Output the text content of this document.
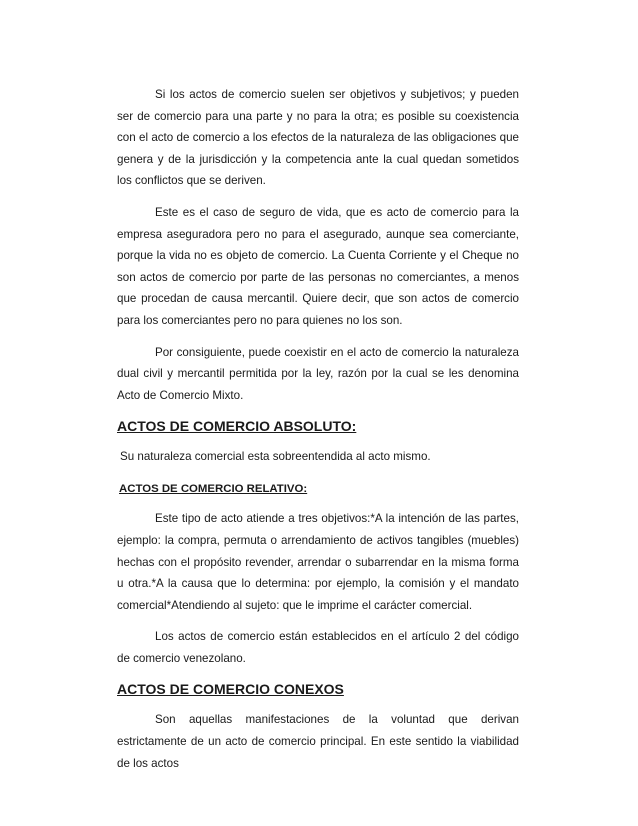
Si los actos de comercio suelen ser objetivos y subjetivos; y pueden ser de comercio para una parte y no para la otra; es posible su coexistencia con el acto de comercio a los efectos de la naturaleza de las obligaciones que genera y de la jurisdicción y la competencia ante la cual quedan sometidos los conflictos que se deriven.

Este es el caso de seguro de vida, que es acto de comercio para la empresa aseguradora pero no para el asegurado, aunque sea comerciante, porque la vida no es objeto de comercio. La Cuenta Corriente y el Cheque no son actos de comercio por parte de las personas no comerciantes, a menos que procedan de causa mercantil. Quiere decir, que son actos de comercio para los comerciantes pero no para quienes no los son.

Por consiguiente, puede coexistir en el acto de comercio la naturaleza dual civil y mercantil permitida por la ley, razón por la cual se les denomina Acto de Comercio Mixto.

ACTOS DE COMERCIO ABSOLUTO:

Su naturaleza comercial esta sobreentendida al acto mismo.

ACTOS DE COMERCIO RELATIVO:

Este tipo de acto atiende a tres objetivos:*A la intención de las partes, ejemplo: la compra, permuta o arrendamiento de activos tangibles (muebles) hechas con el propósito revender, arrendar o subarrendar en la misma forma u otra.*A la causa que lo determina: por ejemplo, la comisión y el mandato comercial*Atendiendo al sujeto: que le imprime el carácter comercial.

Los actos de comercio están establecidos en el artículo 2 del código de comercio venezolano.

ACTOS DE COMERCIO CONEXOS

Son aquellas manifestaciones de la voluntad que derivan estrictamente de un acto de comercio principal. En este sentido la viabilidad de los actos
